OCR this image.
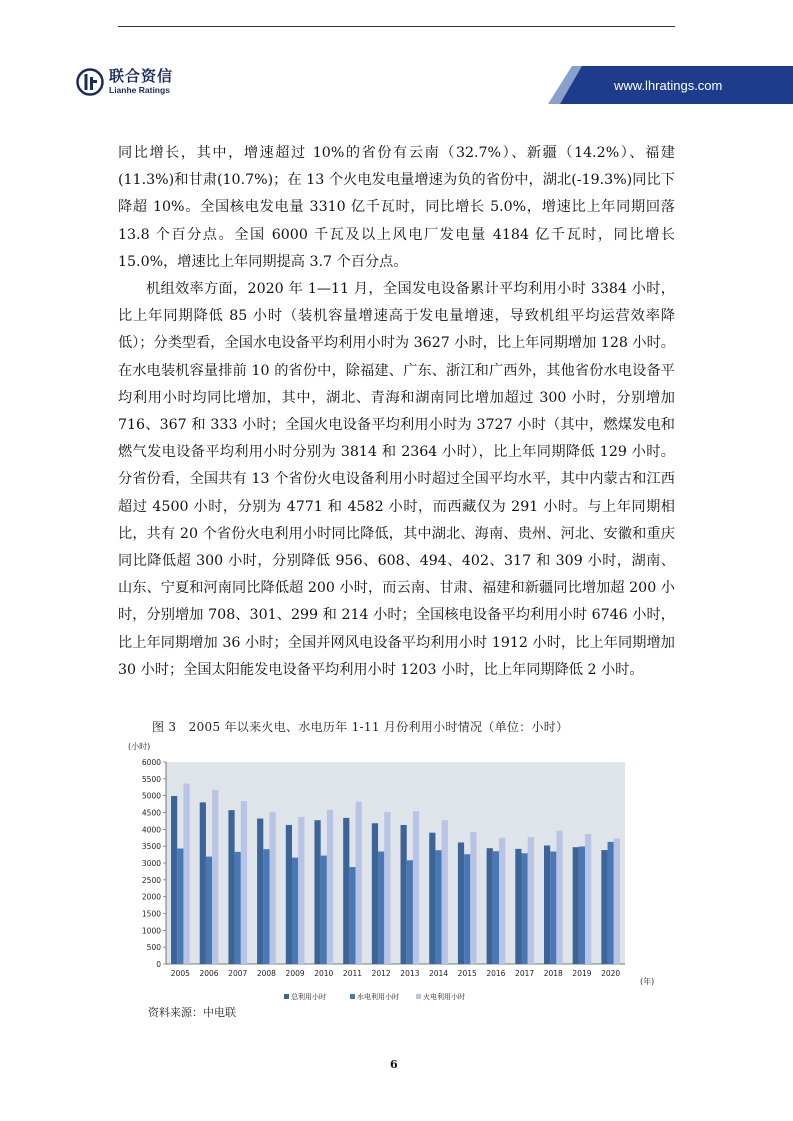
联合资信
Lianhe Ratings	www.lhratings.com

同比增长，其中，增速超过 10%的省份有云南（32.7%）、新疆（14.2%）、福建(11.3%)和甘肃(10.7%)；在 13 个火电发电量增速为负的省份中，湖北(-19.3%)同比下降超 10%。全国核电发电量 3310 亿千瓦时，同比增长 5.0%，增速比上年同期回落 13.8 个百分点。全国 6000 千瓦及以上风电厂发电量 4184 亿千瓦时，同比增长 15.0%，增速比上年同期提高 3.7 个百分点。

机组效率方面，2020 年 1—11 月，全国发电设备累计平均利用小时 3384 小时，比上年同期降低 85 小时（装机容量增速高于发电量增速，导致机组平均运营效率降低）；分类型看，全国水电设备平均利用小时为 3627 小时，比上年同期增加 128 小时。在水电装机容量排前 10 的省份中，除福建、广东、浙江和广西外，其他省份水电设备平均利用小时均同比增加，其中，湖北、青海和湖南同比增加超过 300 小时，分别增加 716、367 和 333 小时；全国火电设备平均利用小时为 3727 小时（其中，燃煤发电和燃气发电设备平均利用小时分别为 3814 和 2364 小时），比上年同期降低 129 小时。分省份看，全国共有 13 个省份火电设备利用小时超过全国平均水平，其中内蒙古和江西超过 4500 小时，分别为 4771 和 4582 小时，而西藏仅为 291 小时。与上年同期相比，共有 20 个省份火电利用小时同比降低，其中湖北、海南、贵州、河北、安徽和重庆同比降低超 300 小时，分别降低 956、608、494、402、317 和 309 小时，湖南、山东、宁夏和河南同比降低超 200 小时，而云南、甘肃、福建和新疆同比增加超 200 小时，分别增加 708、301、299 和 214 小时；全国核电设备平均利用小时 6746 小时，比上年同期增加 36 小时；全国并网风电设备平均利用小时 1912 小时，比上年同期增加 30 小时；全国太阳能发电设备平均利用小时 1203 小时，比上年同期降低 2 小时。

图 3　2005 年以来火电、水电历年 1-11 月份利用小时情况（单位：小时）
(小时)
0
500
1000
1500
2000
2500
3000
3500
4000
4500
5000
5500
6000
2005 2006 2007 2008 2009 2010 2011 2012 2013 2014 2015 2016 2017 2018 2019 2020
(年)
总利用小时	水电利用小时	火电利用小时
资料来源：中电联
6
